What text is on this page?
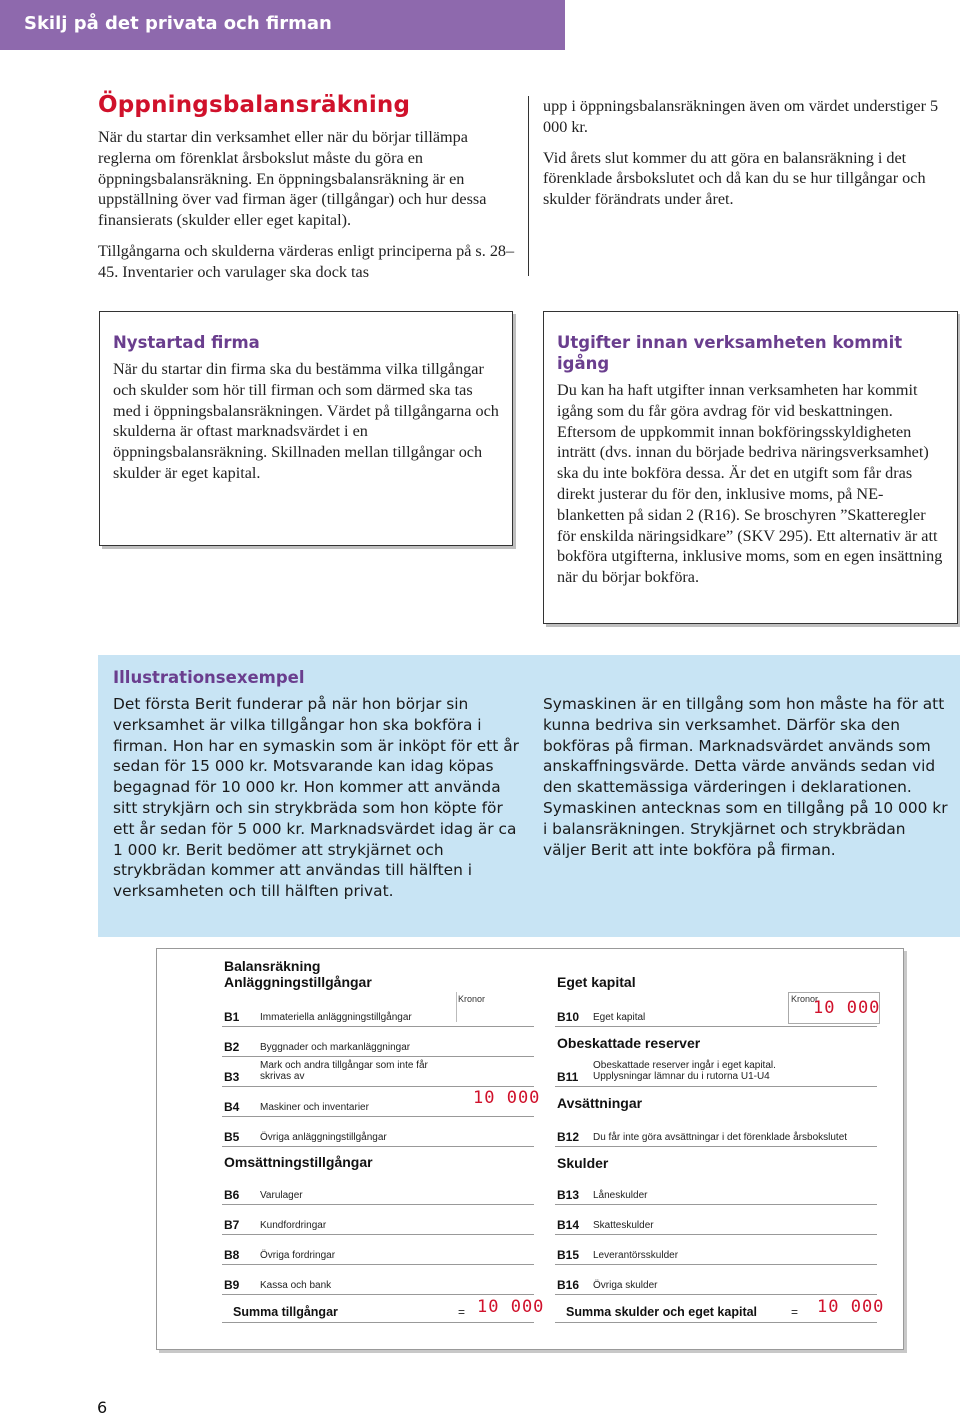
Skilj på det privata och firman
Öppningsbalansräkning

När du startar din verksamhet eller när du börjar tillämpa reglerna om förenklat årsbokslut måste du göra en öppningsbalansräkning. En öppningsbalansräkning är en uppställning över vad firman äger (tillgångar) och hur dessa finansierats (skulder eller eget kapital).

Tillgångarna och skulderna värderas enligt principerna på s. 28–45. Inventarier och varulager ska dock tas

upp i öppningsbalansräkningen även om värdet understiger 5 000 kr.

Vid årets slut kommer du att göra en balansräkning i det förenklade årsbokslutet och då kan du se hur tillgångar och skulder förändrats under året.

Nystartad firma

När du startar din firma ska du bestämma vilka tillgångar och skulder som hör till firman och som därmed ska tas med i öppningsbalansräkningen. Värdet på tillgångarna och skulderna är oftast marknadsvärdet i en öppningsbalansräkning. Skillnaden mellan tillgångar och skulder är eget kapital.

Utgifter innan verksamheten kommit igång

Du kan ha haft utgifter innan verksamheten har kommit igång som du får göra avdrag för vid beskattningen. Eftersom de uppkommit innan bokföringsskyldigheten inträtt (dvs. innan du började bedriva näringsverksamhet) ska du inte bokföra dessa. Är det en utgift som får dras direkt justerar du för den, inklusive moms, på NE-blanketten på sidan 2 (R16). Se broschyren ”Skatteregler för enskilda näringsidkare” (SKV 295). Ett alternativ är att bokföra utgifterna, inklusive moms, som en egen insättning när du börjar bokföra.

Illustrationsexempel

Det första Berit funderar på när hon börjar sin verksamhet är vilka tillgångar hon ska bokföra i firman. Hon har en symaskin som är inköpt för ett år sedan för 15 000 kr. Motsvarande kan idag köpas begagnad för 10 000 kr. Hon kommer att använda sitt strykjärn och sin strykbräda som hon köpte för ett år sedan för 5 000 kr. Marknadsvärdet idag är ca 1 000 kr. Berit bedömer att strykjärnet och strykbrädan kommer att användas till hälften i verksamheten och till hälften privat.

Symaskinen är en tillgång som hon måste ha för att kunna bedriva sin verksamhet. Därför ska den bokföras på firman. Marknadsvärdet används som anskaffningsvärde. Detta värde används sedan vid den skattemässiga värderingen i deklarationen. Symaskinen antecknas som en tillgång på 10 000 kr i balansräkningen. Strykjärnet och strykbrädan väljer Berit att inte bokföra på firman.

Balansräkning
Anläggningstillgångar
Kronor
B1 Immateriella anläggningstillgångar
B2 Byggnader och markanläggningar
B3
Mark och andra tillgångar som inte får skrivas av
B4 Maskiner och inventarier	10 000
B5 Övriga anläggningstillgångar
Omsättningstillgångar
B6 Varulager
B7 Kundfordringar
B8 Övriga fordringar
B9 Kassa och bank
Summa tillgångar	= 10 000
Eget kapital
Kronor
B10 Eget kapital	10 000
Obeskattade reserver
B11
Obeskattade reserver ingår i eget kapital. Upplysningar lämnar du i rutorna U1-U4
Avsättningar
B12 Du får inte göra avsättningar i det förenklade årsbokslutet
Skulder
B13 Låneskulder
B14 Skatteskulder
B15 Leverantörsskulder
B16 Övriga skulder
Summa skulder och eget kapital	= 10 000
6
